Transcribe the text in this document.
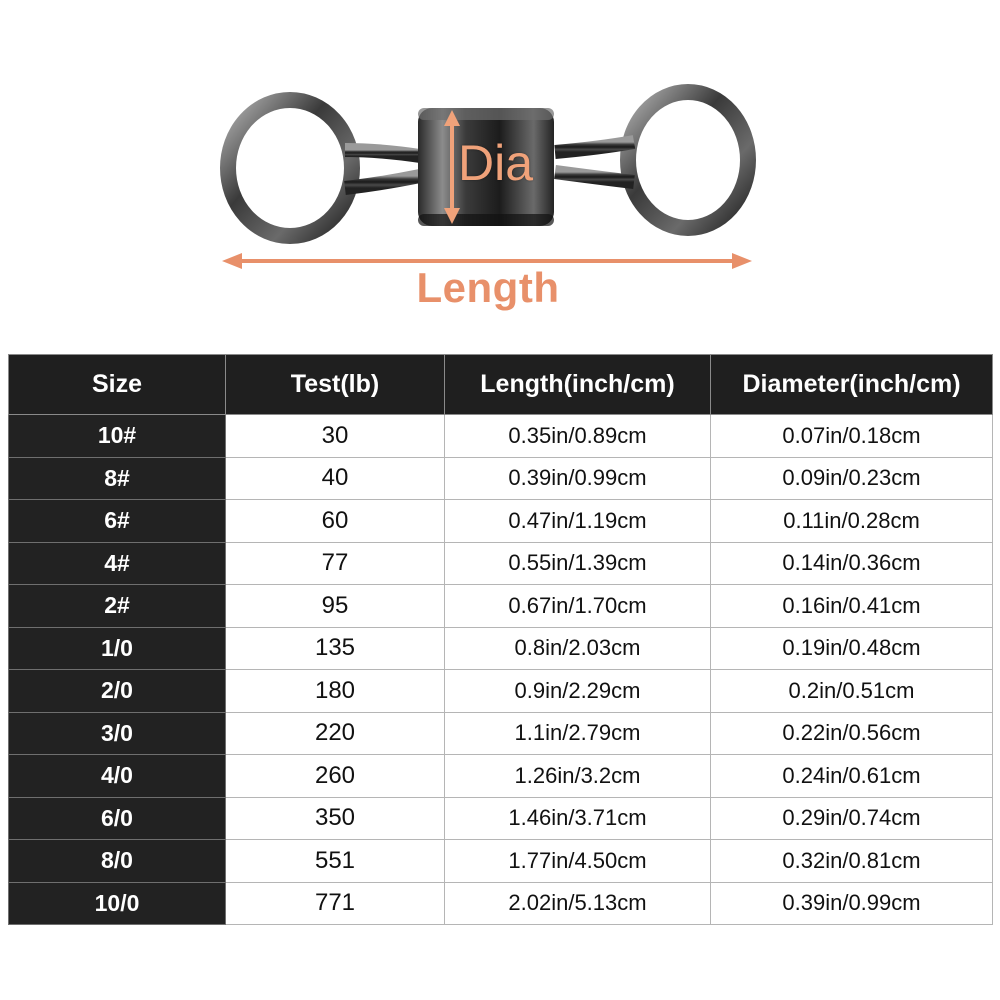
Dia
Length
Size	Test(lb)	Length(inch/cm)	Diameter(inch/cm)
10#	30	0.35in/0.89cm	0.07in/0.18cm
8#	40	0.39in/0.99cm	0.09in/0.23cm
6#	60	0.47in/1.19cm	0.11in/0.28cm
4#	77	0.55in/1.39cm	0.14in/0.36cm
2#	95	0.67in/1.70cm	0.16in/0.41cm
1/0	135	0.8in/2.03cm	0.19in/0.48cm
2/0	180	0.9in/2.29cm	0.2in/0.51cm
3/0	220	1.1in/2.79cm	0.22in/0.56cm
4/0	260	1.26in/3.2cm	0.24in/0.61cm
6/0	350	1.46in/3.71cm	0.29in/0.74cm
8/0	551	1.77in/4.50cm	0.32in/0.81cm
10/0	771	2.02in/5.13cm	0.39in/0.99cm
